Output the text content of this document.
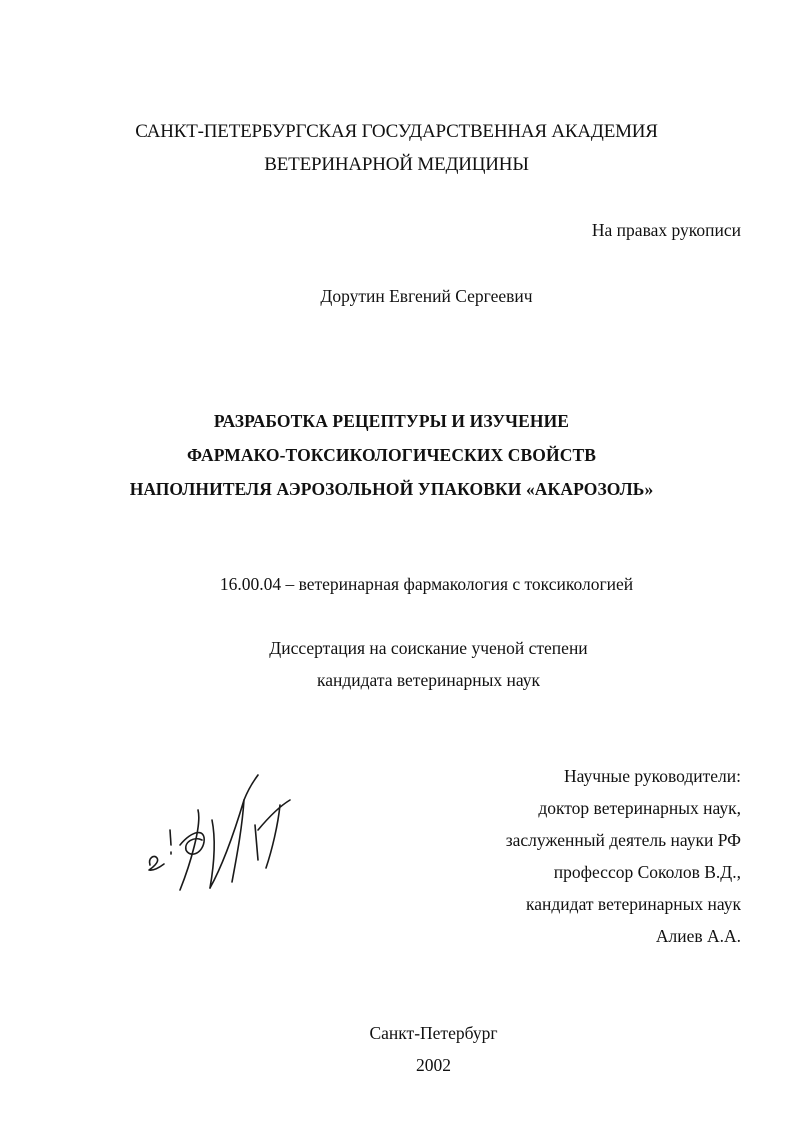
САНКТ-ПЕТЕРБУРГСКАЯ ГОСУДАРСТВЕННАЯ АКАДЕМИЯ
ВЕТЕРИНАРНОЙ МЕДИЦИНЫ
На правах рукописи
Дорутин Евгений Сергеевич
РАЗРАБОТКА РЕЦЕПТУРЫ И ИЗУЧЕНИЕ
ФАРМАКО-ТОКСИКОЛОГИЧЕСКИХ СВОЙСТВ
НАПОЛНИТЕЛЯ АЭРОЗОЛЬНОЙ УПАКОВКИ «АКАРОЗОЛЬ»
16.00.04 – ветеринарная фармакология с токсикологией
Диссертация на соискание ученой степени
кандидата ветеринарных наук
Научные руководители:
доктор ветеринарных наук,
заслуженный деятель науки РФ
профессор Соколов В.Д.,
кандидат ветеринарных наук
Алиев А.А.
Санкт-Петербург
2002
